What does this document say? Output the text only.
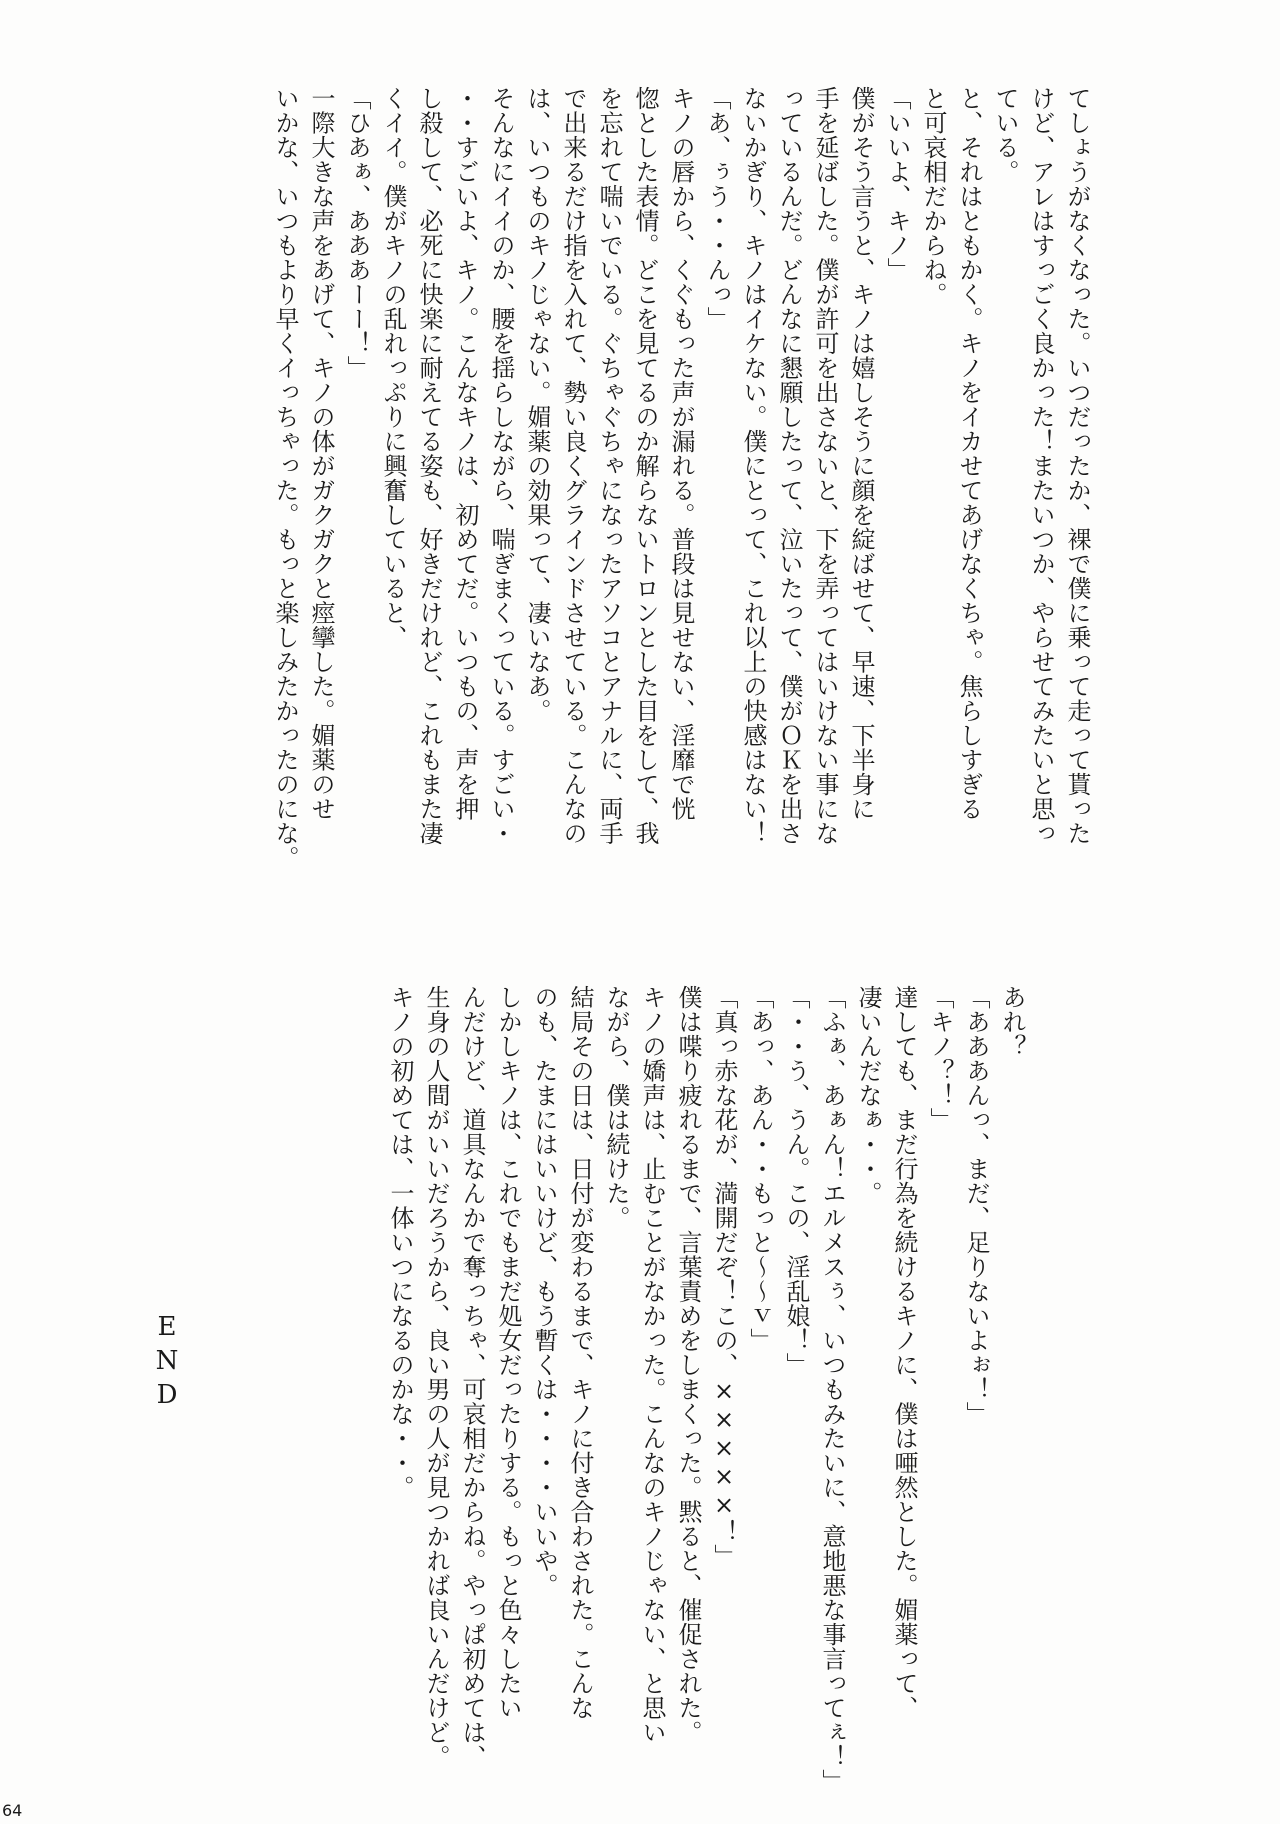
てしょうがなくなった。いつだったか、裸で僕に乗って走って貰った

けど、アレはすっごく良かった！またいつか、やらせてみたいと思っ

ている。

と、それはともかく。キノをイカせてあげなくちゃ。焦らしすぎる

と可哀相だからね。

「いいよ、キノ」

僕がそう言うと、キノは嬉しそうに顔を綻ばせて、早速、下半身に

手を延ばした。僕が許可を出さないと、下を弄ってはいけない事にな

っているんだ。どんなに懇願したって、泣いたって、僕がＯＫを出さ

ないかぎり、キノはイケない。僕にとって、これ以上の快感はない！

「あ、ぅう・・んっ」

キノの唇から、くぐもった声が漏れる。普段は見せない、淫靡で恍

惚とした表情。どこを見てるのか解らないトロンとした目をして、我

を忘れて喘いでいる。ぐちゃぐちゃになったアソコとアナルに、両手

で出来るだけ指を入れて、勢い良くグラインドさせている。こんなの

は、いつものキノじゃない。媚薬の効果って、凄いなあ。

そんなにイイのか、腰を揺らしながら、喘ぎまくっている。すごい・

・・すごいよ、キノ。こんなキノは、初めてだ。いつもの、声を押

し殺して、必死に快楽に耐えてる姿も、好きだけれど、これもまた凄

くイイ。僕がキノの乱れっぷりに興奮していると、

「ひあぁ、あああーー！」

一際大きな声をあげて、キノの体がガクガクと痙攣した。媚薬のせ

いかな、いつもより早くイっちゃった。もっと楽しみたかったのにな。

あれ？

「あああんっ、まだ、足りないよぉ！」

「キノ？！」

達しても、まだ行為を続けるキノに、僕は唖然とした。媚薬って、

凄いんだなぁ・・。

「ふぁ、あぁん！エルメスぅ、いつもみたいに、意地悪な事言ってぇ！」

「・・う、うん。この、淫乱娘！」

「あっ、あん・・もっと〜〜ｖ」

「真っ赤な花が、満開だぞ！この、×××××！」

僕は喋り疲れるまで、言葉責めをしまくった。黙ると、催促された。

キノの嬌声は、止むことがなかった。こんなのキノじゃない、と思い

ながら、僕は続けた。

結局その日は、日付が変わるまで、キノに付き合わされた。こんな

のも、たまにはいいけど、もう暫くは・・・・いいや。

しかしキノは、これでもまだ処女だったりする。もっと色々したい

んだけど、道具なんかで奪っちゃ、可哀相だからね。やっぱ初めては、

生身の人間がいいだろうから、良い男の人が見つかれば良いんだけど。

キノの初めては、一体いつになるのかな・・。

END
64
